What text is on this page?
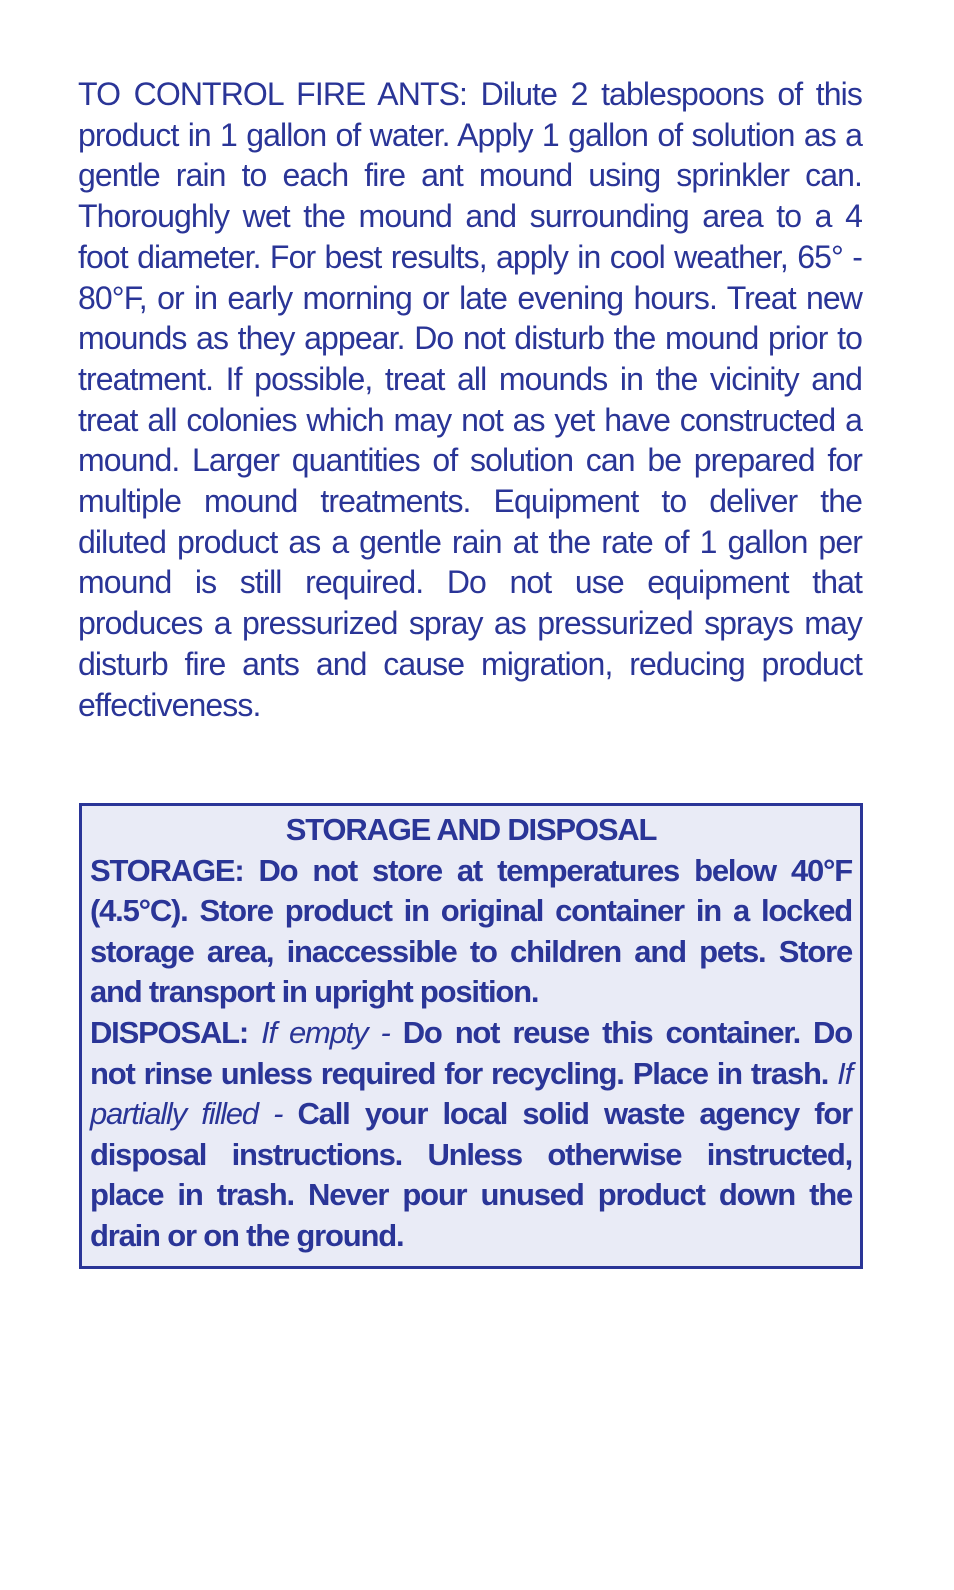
TO CONTROL FIRE ANTS: Dilute 2 tablespoons of this product in 1 gallon of water. Apply 1 gallon of solution as a gentle rain to each fire ant mound using sprinkler can. Thoroughly wet the mound and surrounding area to a 4 foot diameter. For best results, apply in cool weather, 65° - 80°F, or in early morning or late evening hours. Treat new mounds as they appear. Do not disturb the mound prior to treatment. If possible, treat all mounds in the vicinity and treat all colonies which may not as yet have constructed a mound. Larger quantities of solution can be prepared for multiple mound treatments. Equipment to deliver the diluted product as a gentle rain at the rate of 1 gallon per mound is still required. Do not use equipment that produces a pressurized spray as pressurized sprays may disturb fire ants and cause migration, reducing product effectiveness.

STORAGE AND DISPOSAL

STORAGE: Do not store at temperatures below 40°F (4.5°C). Store product in original container in a locked storage area, inaccessible to children and pets. Store and transport in upright position.
DISPOSAL: If empty - Do not reuse this container. Do not rinse unless required for recycling. Place in trash. If partially filled - Call your local solid waste agency for disposal instructions. Unless otherwise instructed, place in trash. Never pour unused product down the drain or on the ground.
